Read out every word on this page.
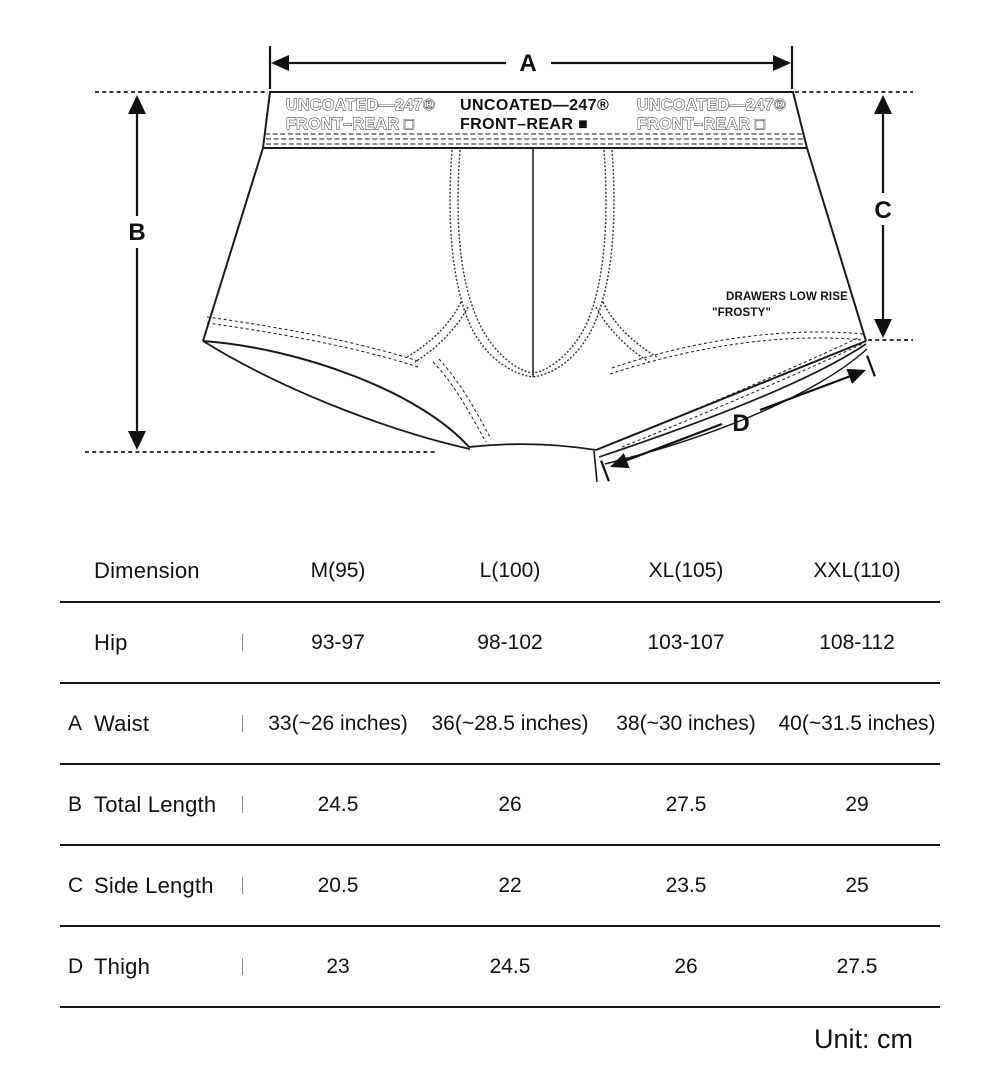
A
B
C
D
UNCOATED—247®
FRONT–REAR □
UNCOATED—247®
FRONT–REAR ■
UNCOATED—247®
FRONT–REAR □
DRAWERS LOW RISE
"FROSTY"
Dimension	M(95)	L(100)	XL(105)	XXL(110)
Hip	93-97	98-102	103-107	108-112
A Waist	33(~26 inches)	36(~28.5 inches)	38(~30 inches)	40(~31.5 inches)
B Total Length	24.5	26	27.5	29
C Side Length	20.5	22	23.5	25
D Thigh	23	24.5	26	27.5
Unit: cm
